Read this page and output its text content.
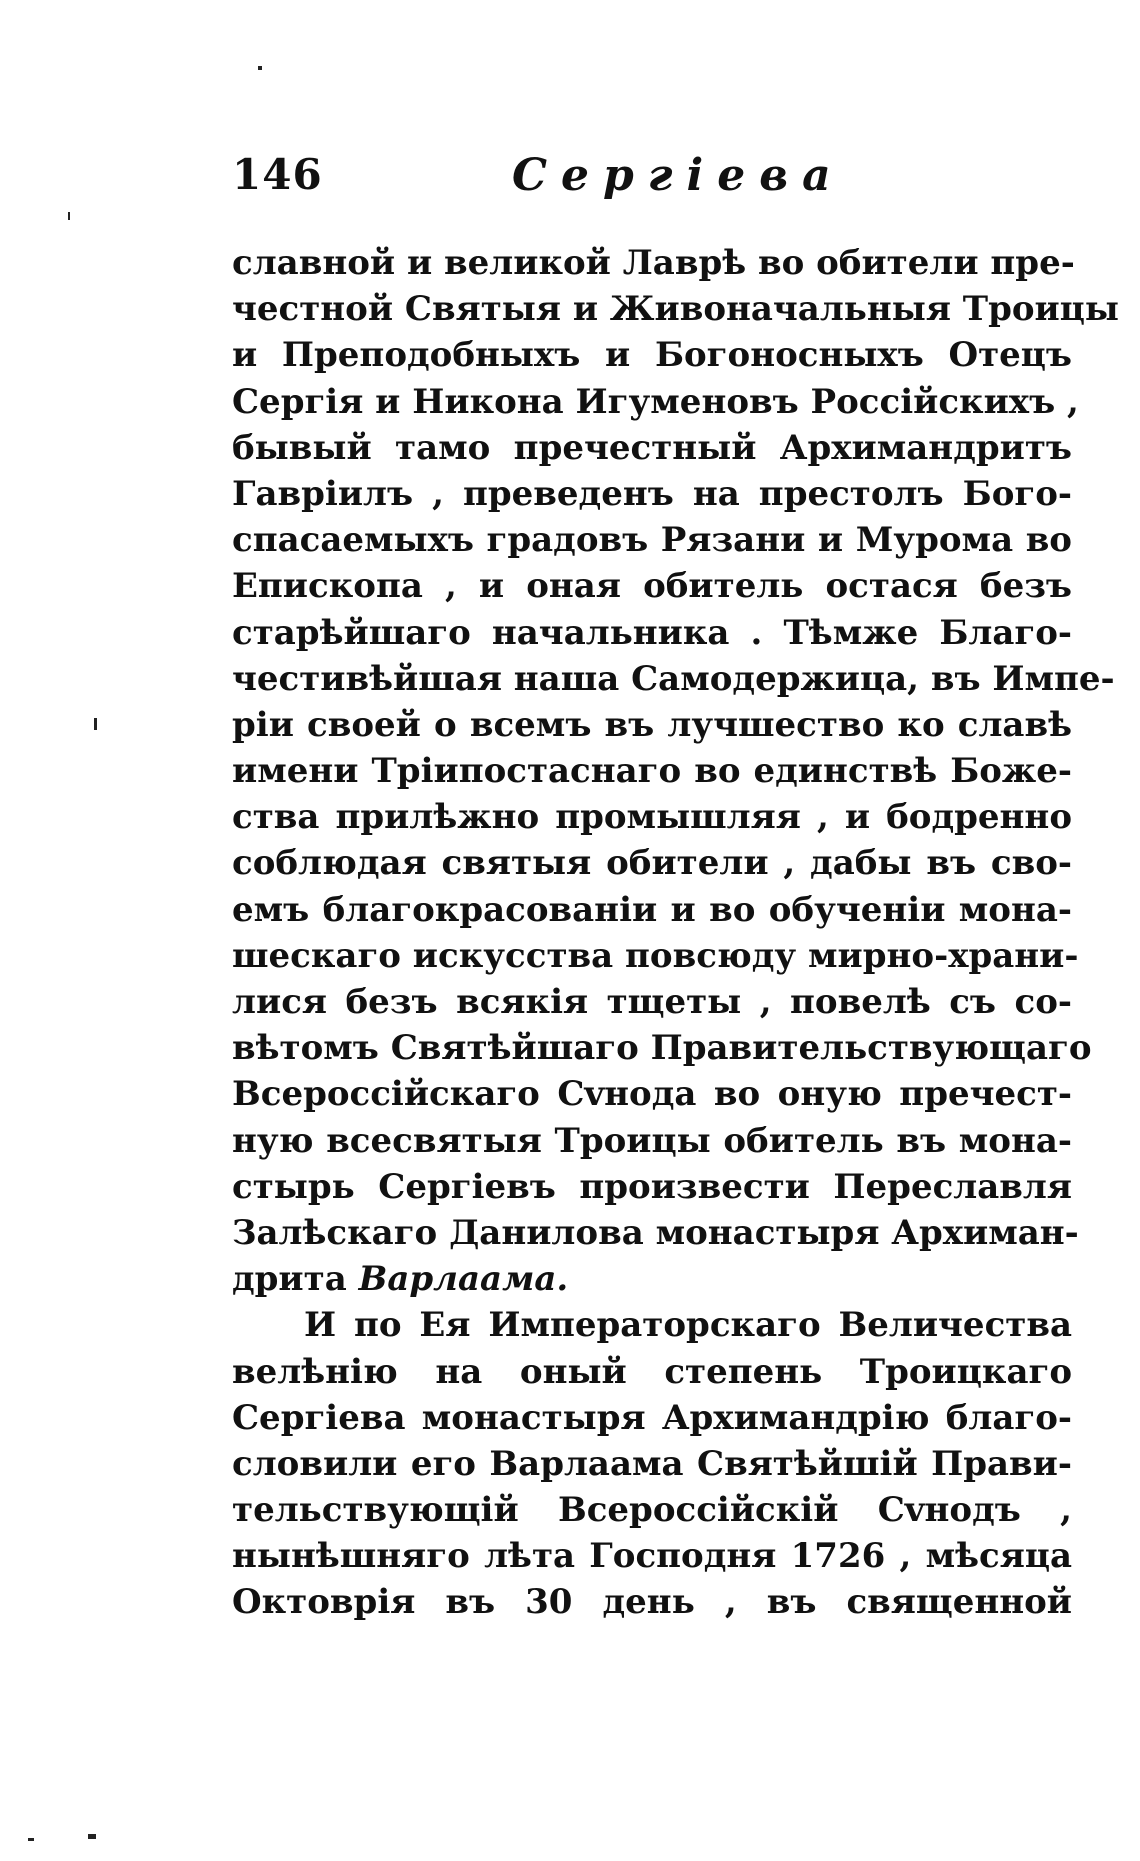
146	Сергіева
славной и великой Лаврѣ во обители пре-
честной Святыя и Живоначальныя Троицы
и Преподобныхъ и Богоносныхъ Отецъ
Сергія и Никона Игуменовъ Россійскихъ ,
бывый тамо пречестный Архимандритъ
Гавріилъ , преведенъ на престолъ Бого-
спасаемыхъ градовъ Рязани и Мурома во
Епископа , и оная обитель остася безъ
старѣйшаго начальника . Тѣмже Благо-
честивѣйшая наша Самодержица, въ Импе-
ріи своей о всемъ въ лучшество ко славѣ
имени Тріипостаснаго во единствѣ Боже-
ства прилѣжно промышляя , и бодренно
соблюдая святыя обители , дабы въ сво-
емъ благокрасованіи и во обученіи мона-
шескаго искусства повсюду мирно-храни-
лися безъ всякія тщеты , повелѣ съ со-
вѣтомъ Святѣйшаго Правительствующаго
Всероссійскаго Сvнода во оную пречест-
ную всесвятыя Троицы обитель въ мона-
стырь Сергіевъ произвести Переславля
Залѣскаго Данилова монастыря Архиман-
дрита Варлаама.
И по Ея Императорскаго Величества
велѣнію на оный степень Троицкаго
Сергіева монастыря Архимандрію благо-
словили его Варлаама Святѣйшій Прави-
тельствующій Всероссійскій Сvнодъ ,
нынѣшняго лѣта Господня 1726 , мѣсяца
Октоврія въ 30 день , въ священной
